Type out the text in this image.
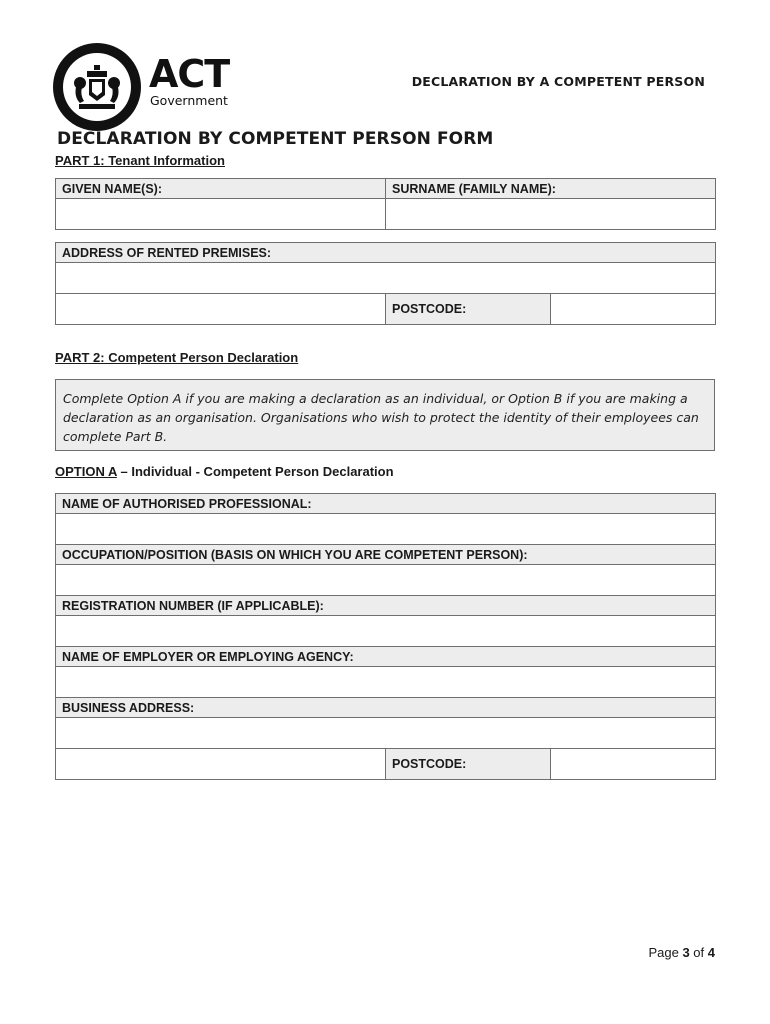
ACT
Government
DECLARATION BY A COMPETENT PERSON
DECLARATION BY COMPETENT PERSON FORM
PART 1: Tenant Information
GIVEN NAME(S):	SURNAME (FAMILY NAME):

ADDRESS OF RENTED PREMISES:

	POSTCODE:	
PART 2: Competent Person Declaration
Complete Option A if you are making a declaration as an individual, or Option B if you are making a declaration as an organisation. Organisations who wish to protect the identity of their employees can complete Part B.
OPTION A – Individual - Competent Person Declaration
NAME OF AUTHORISED PROFESSIONAL:

OCCUPATION/POSITION (BASIS ON WHICH YOU ARE COMPETENT PERSON):

REGISTRATION NUMBER (IF APPLICABLE):

NAME OF EMPLOYER OR EMPLOYING AGENCY:

BUSINESS ADDRESS:

	POSTCODE:	
Page 3 of 4
